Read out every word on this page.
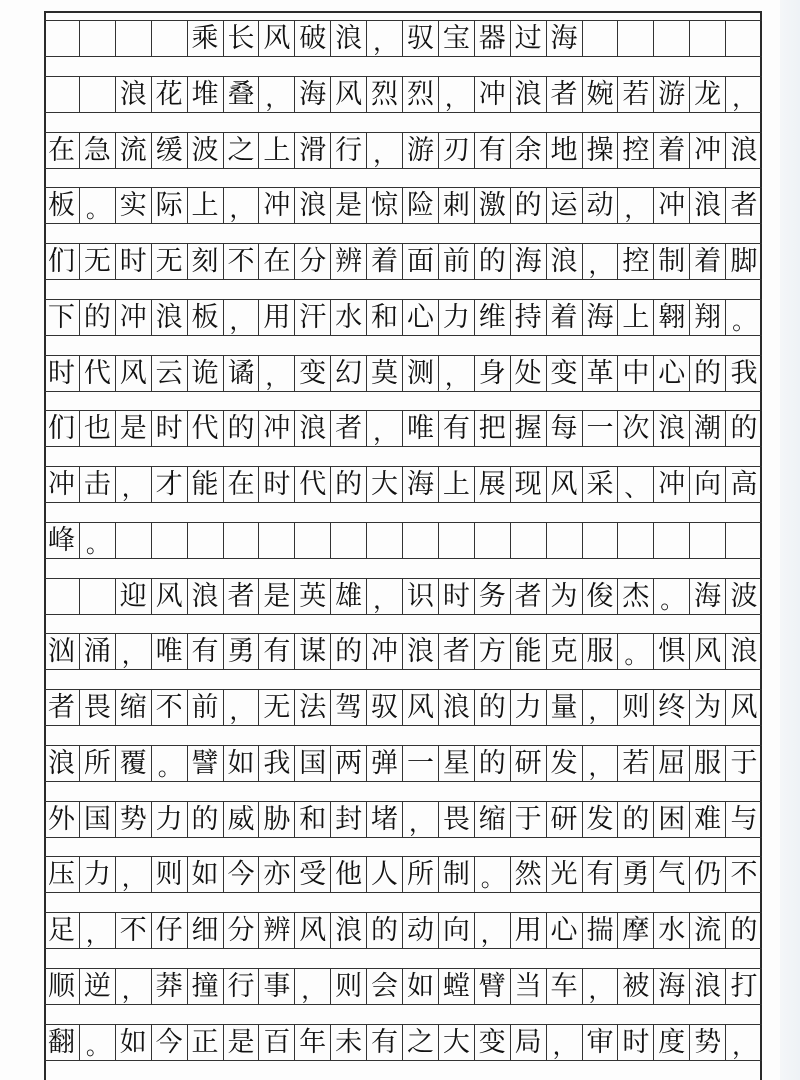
乘 长 风 破 浪 ， 驭 宝 器 过 海
浪 花 堆 叠 ， 海 风 烈 烈 ， 冲 浪 者 婉 若 游 龙 ，
在 急 流 缓 波 之 上 滑 行 ， 游 刃 有 余 地 操 控 着 冲 浪
板 。 实 际 上 ， 冲 浪 是 惊 险 刺 激 的 运 动 ， 冲 浪 者
们 无 时 无 刻 不 在 分 辨 着 面 前 的 海 浪 ， 控 制 着 脚
下 的 冲 浪 板 ， 用 汗 水 和 心 力 维 持 着 海 上 翱 翔 。
时 代 风 云 诡 谲 ， 变 幻 莫 测 ， 身 处 变 革 中 心 的 我
们 也 是 时 代 的 冲 浪 者 ， 唯 有 把 握 每 一 次 浪 潮 的
冲 击 ， 才 能 在 时 代 的 大 海 上 展 现 风 采 、 冲 向 高
峰 。
迎 风 浪 者 是 英 雄 ， 识 时 务 者 为 俊 杰 。 海 波
汹 涌 ， 唯 有 勇 有 谋 的 冲 浪 者 方 能 克 服 。 惧 风 浪
者 畏 缩 不 前 ， 无 法 驾 驭 风 浪 的 力 量 ， 则 终 为 风
浪 所 覆 。 譬 如 我 国 两 弹 一 星 的 研 发 ， 若 屈 服 于
外 国 势 力 的 威 胁 和 封 堵 ， 畏 缩 于 研 发 的 困 难 与
压 力 ， 则 如 今 亦 受 他 人 所 制 。 然 光 有 勇 气 仍 不
足 ， 不 仔 细 分 辨 风 浪 的 动 向 ， 用 心 揣 摩 水 流 的
顺 逆 ， 莽 撞 行 事 ， 则 会 如 螳 臂 当 车 ， 被 海 浪 打
翻 。 如 今 正 是 百 年 未 有 之 大 变 局 ， 审 时 度 势 ，
